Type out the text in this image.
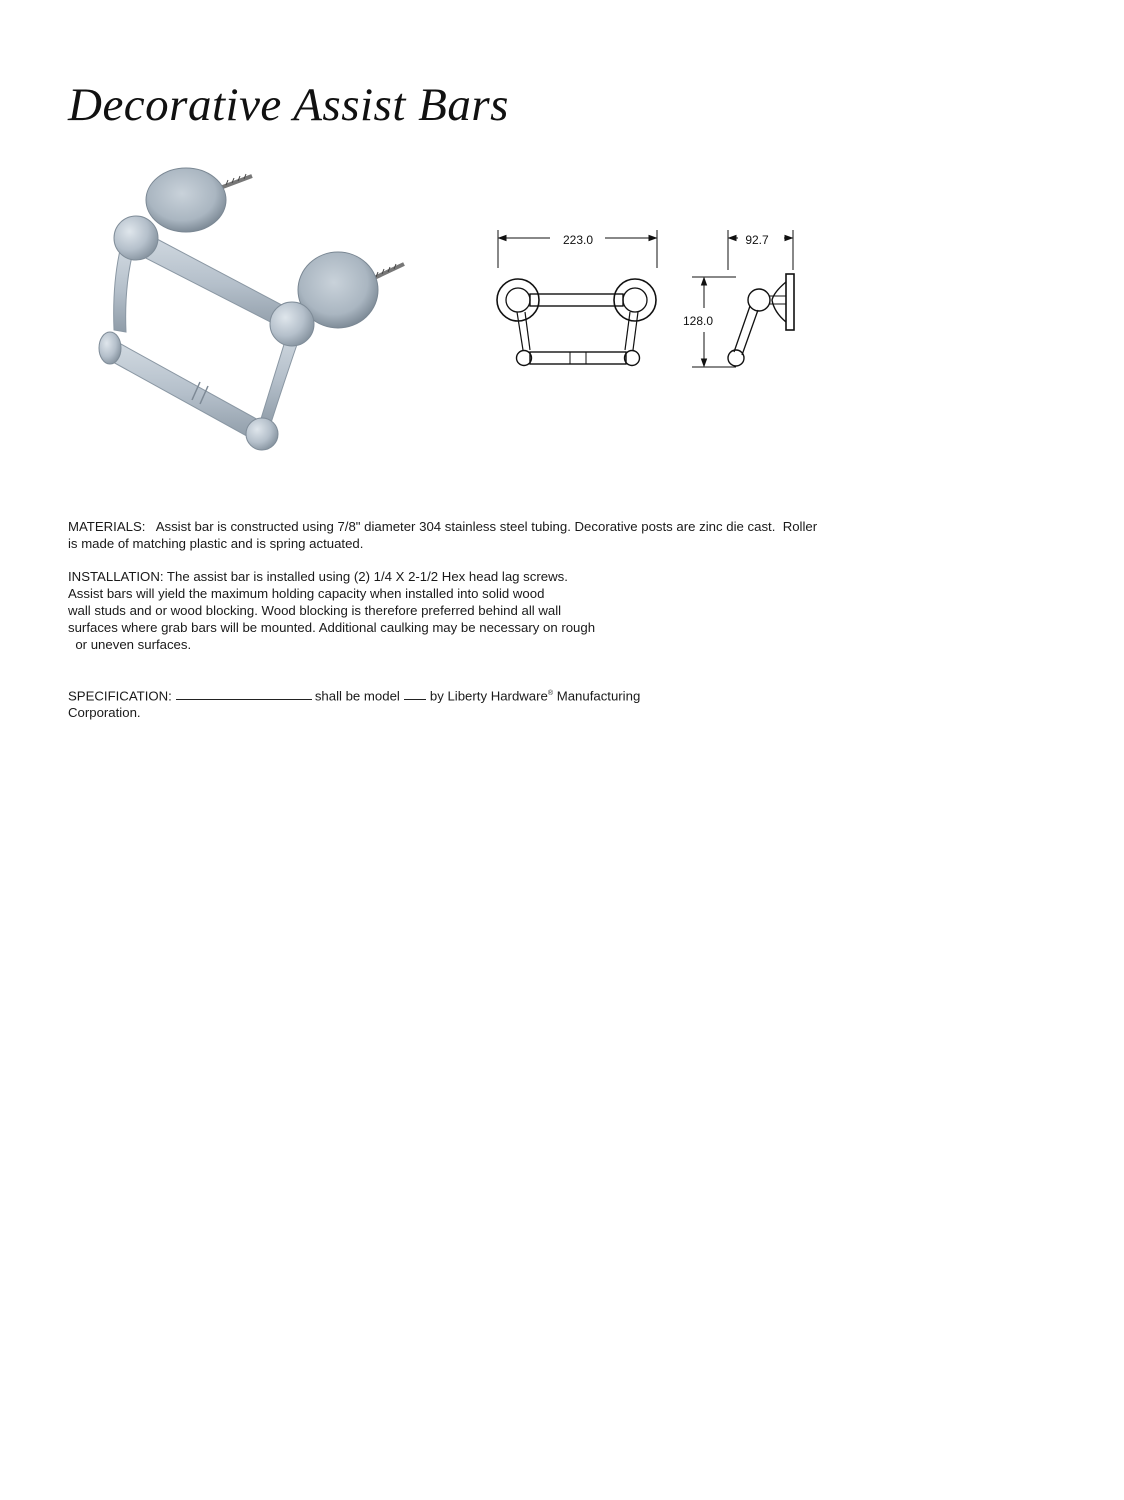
Decorative Assist Bars
223.0	92.7
128.0

MATERIALS:   Assist bar is constructed using 7/8" diameter 304 stainless steel tubing. Decorative posts are zinc die cast.  Roller

is made of matching plastic and is spring actuated.

INSTALLATION: The assist bar is installed using (2) 1/4 X 2-1/2 Hex head lag screws.

Assist bars will yield the maximum holding capacity when installed into solid wood

wall studs and or wood blocking. Wood blocking is therefore preferred behind all wall

surfaces where grab bars will be mounted. Additional caulking may be necessary on rough

or uneven surfaces.

SPECIFICATION:	shall be model by Liberty Hardware® Manufacturing

Corporation.
